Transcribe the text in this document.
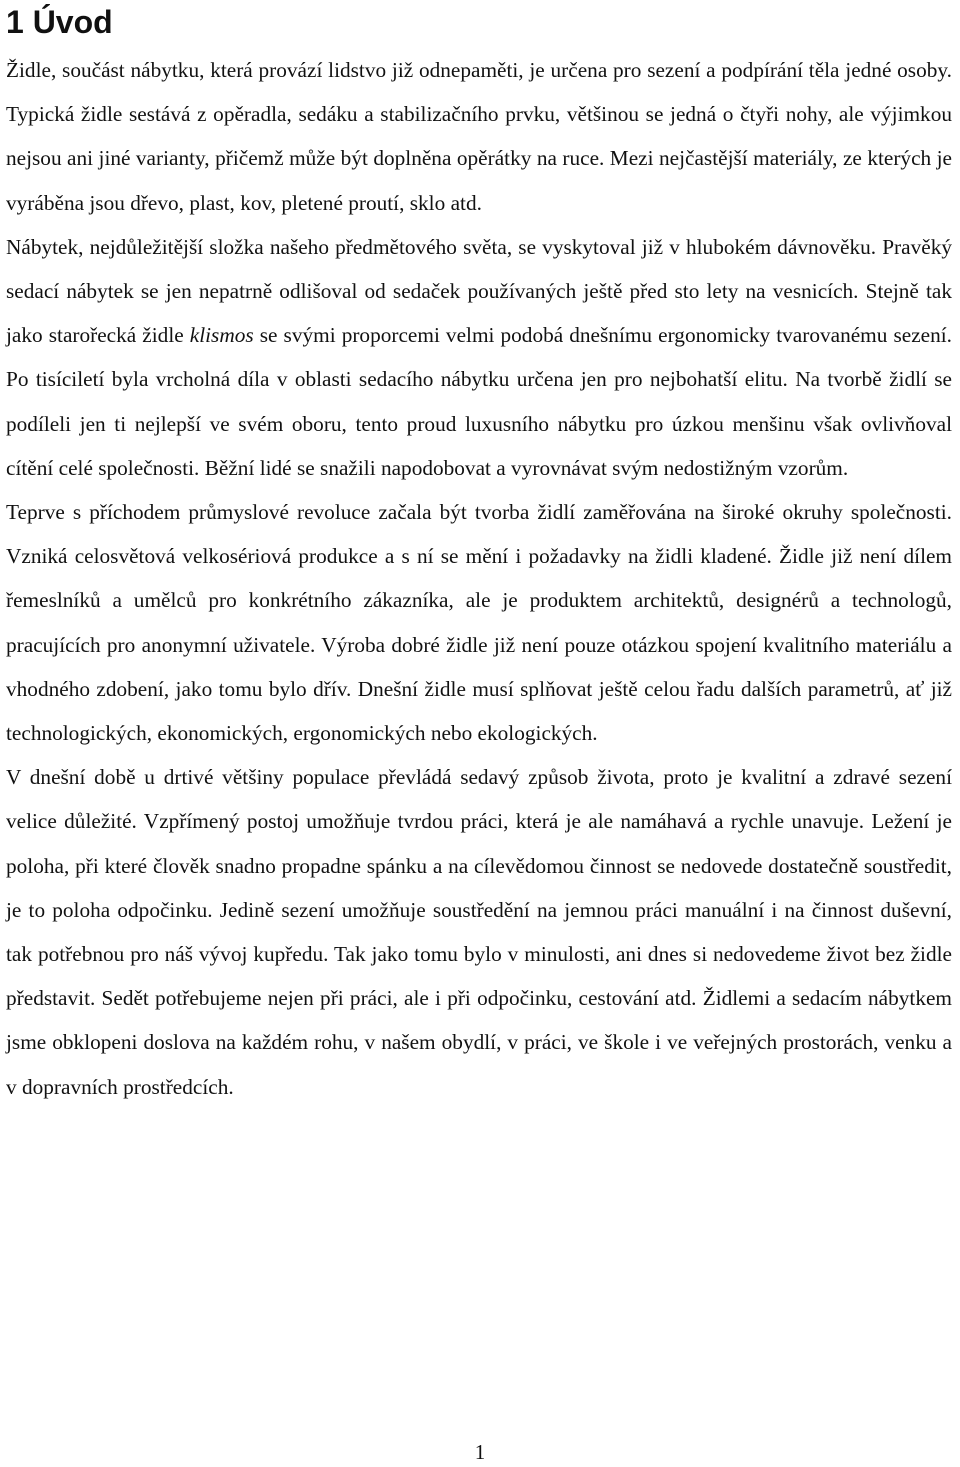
1 Úvod

Židle, součást nábytku, která provází lidstvo již odnepaměti, je určena pro sezení a podpírání těla jedné osoby. Typická židle sestává z opěradla, sedáku a stabilizačního prvku, většinou se jedná o čtyři nohy, ale výjimkou nejsou ani jiné varianty, přičemž může být doplněna opěrátky na ruce. Mezi nejčastější materiály, ze kterých je vyráběna jsou dřevo, plast, kov, pletené proutí, sklo atd.

Nábytek, nejdůležitější složka našeho předmětového světa, se vyskytoval již v hlubokém dávnověku. Pravěký sedací nábytek se jen nepatrně odlišoval od sedaček používaných ještě před sto lety na vesnicích. Stejně tak jako starořecká židle klismos se svými proporcemi velmi podobá dnešnímu ergonomicky tvarovanému sezení. Po tisíciletí byla vrcholná díla v oblasti sedacího nábytku určena jen pro nejbohatší elitu. Na tvorbě židlí se podíleli jen ti nejlepší ve svém oboru, tento proud luxusního nábytku pro úzkou menšinu však ovlivňoval cítění celé společnosti. Běžní lidé se snažili napodobovat a vyrovnávat svým nedostižným vzorům.

Teprve s příchodem průmyslové revoluce začala být tvorba židlí zaměřována na široké okruhy společnosti. Vzniká celosvětová velkosériová produkce a s ní se mění i požadavky na židli kladené. Židle již není dílem řemeslníků a umělců pro konkrétního zákazníka, ale je produktem architektů, designérů a technologů, pracujících pro anonymní uživatele. Výroba dobré židle již není pouze otázkou spojení kvalitního materiálu a vhodného zdobení, jako tomu bylo dřív. Dnešní židle musí splňovat ještě celou řadu dalších parametrů, ať již technologických, ekonomických, ergonomických nebo ekologických.

V dnešní době u drtivé většiny populace převládá sedavý způsob života, proto je kvalitní a zdravé sezení velice důležité. Vzpřímený postoj umožňuje tvrdou práci, která je ale namáhavá a rychle unavuje. Ležení je poloha, při které člověk snadno propadne spánku a na cílevědomou činnost se nedovede dostatečně soustředit, je to poloha odpočinku. Jedině sezení umožňuje soustředění na jemnou práci manuální i na činnost duševní, tak potřebnou pro náš vývoj kupředu. Tak jako tomu bylo v minulosti, ani dnes si nedovedeme život bez židle představit. Sedět potřebujeme nejen při práci, ale i při odpočinku, cestování atd. Židlemi a sedacím nábytkem jsme obklopeni doslova na každém rohu, v našem obydlí, v práci, ve škole i ve veřejných prostorách, venku a v dopravních prostředcích.

1
